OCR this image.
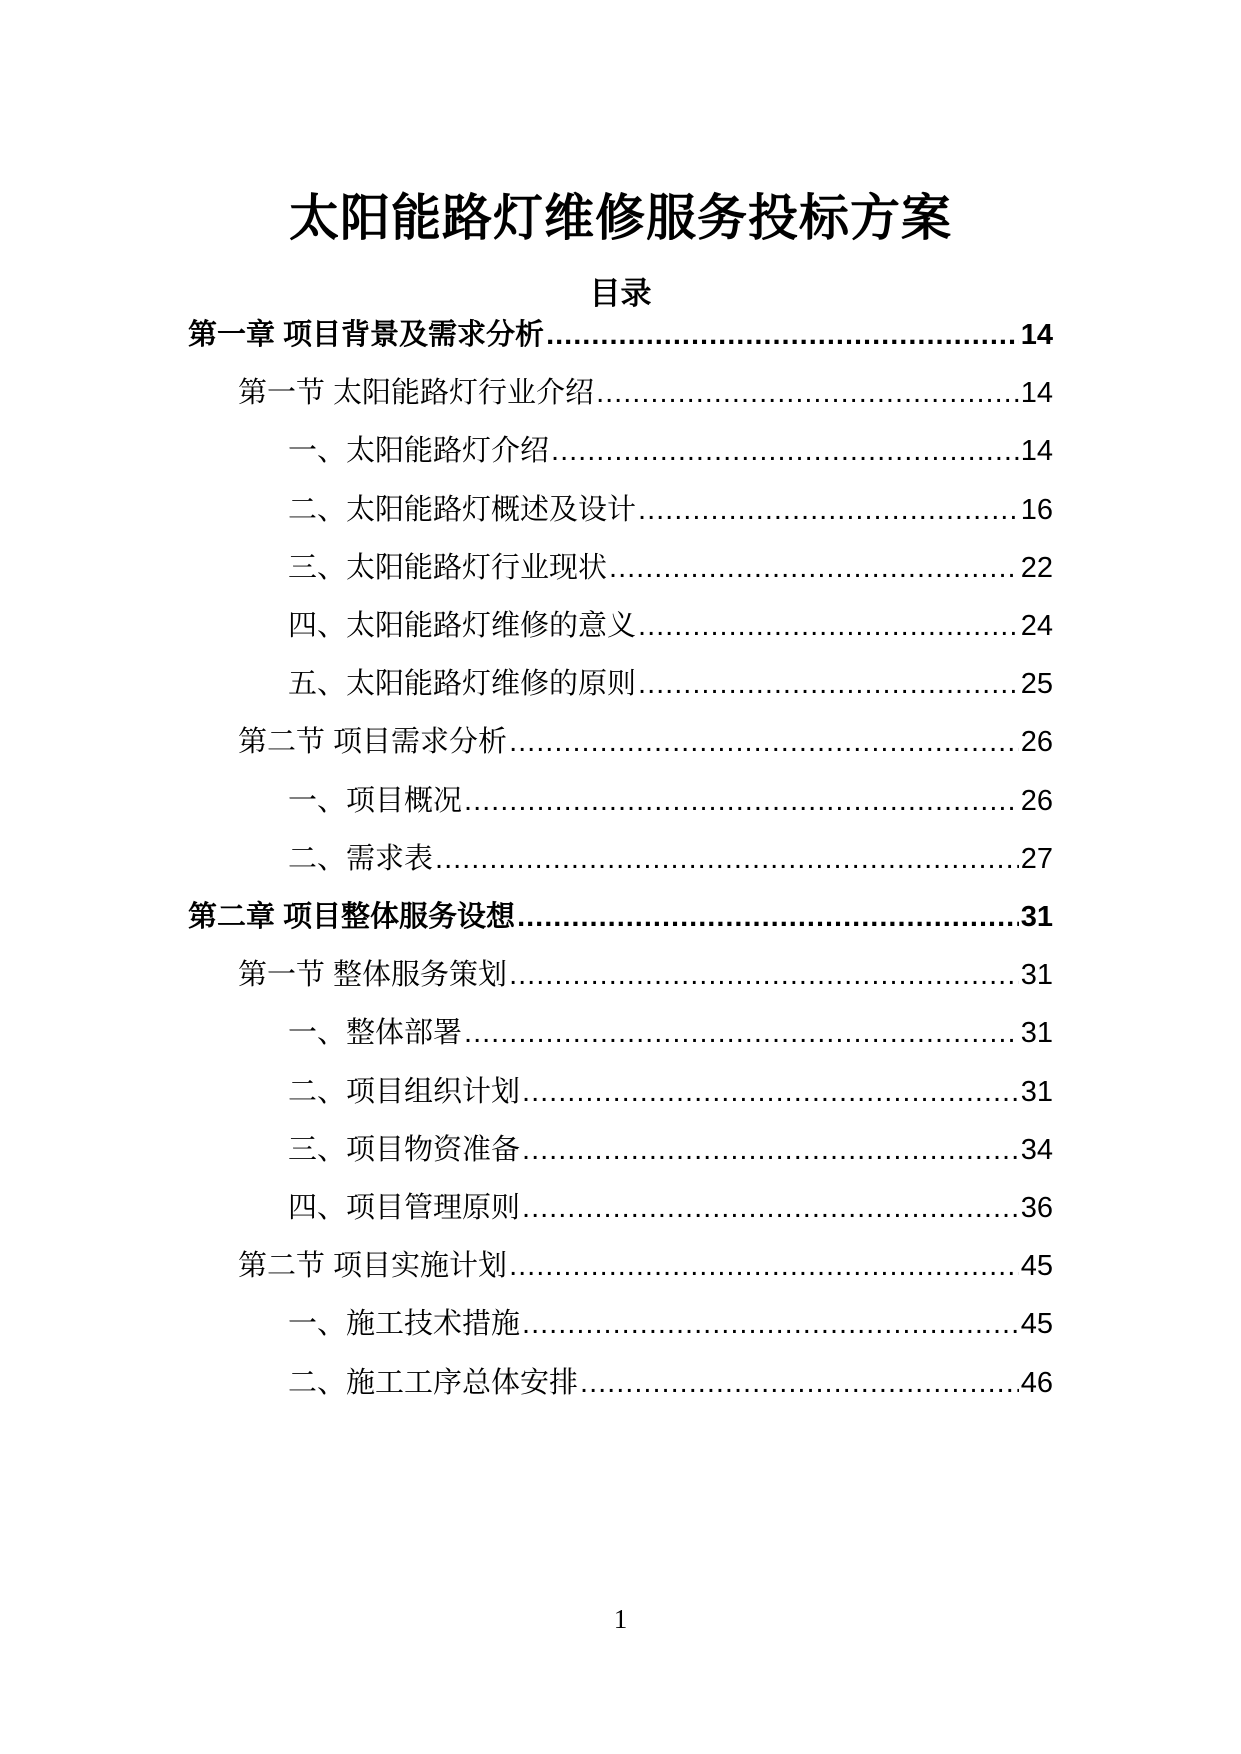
太阳能路灯维修服务投标方案
目录
第一章 项目背景及需求分析 .....	14
第一节 太阳能路灯行业介绍 .....	14
一、太阳能路灯介绍 .....	14
二、太阳能路灯概述及设计 .....	16
三、太阳能路灯行业现状 .....	22
四、太阳能路灯维修的意义 .....	24
五、太阳能路灯维修的原则 .....	25
第二节 项目需求分析 .....	26
一、项目概况 .....	26
二、需求表 .....	27
第二章 项目整体服务设想 .....	31
第一节 整体服务策划 .....	31
一、整体部署 .....	31
二、项目组织计划 .....	31
三、项目物资准备 .....	34
四、项目管理原则 .....	36
第二节 项目实施计划 .....	45
一、施工技术措施 .....	45
二、施工工序总体安排 .....	46
1
